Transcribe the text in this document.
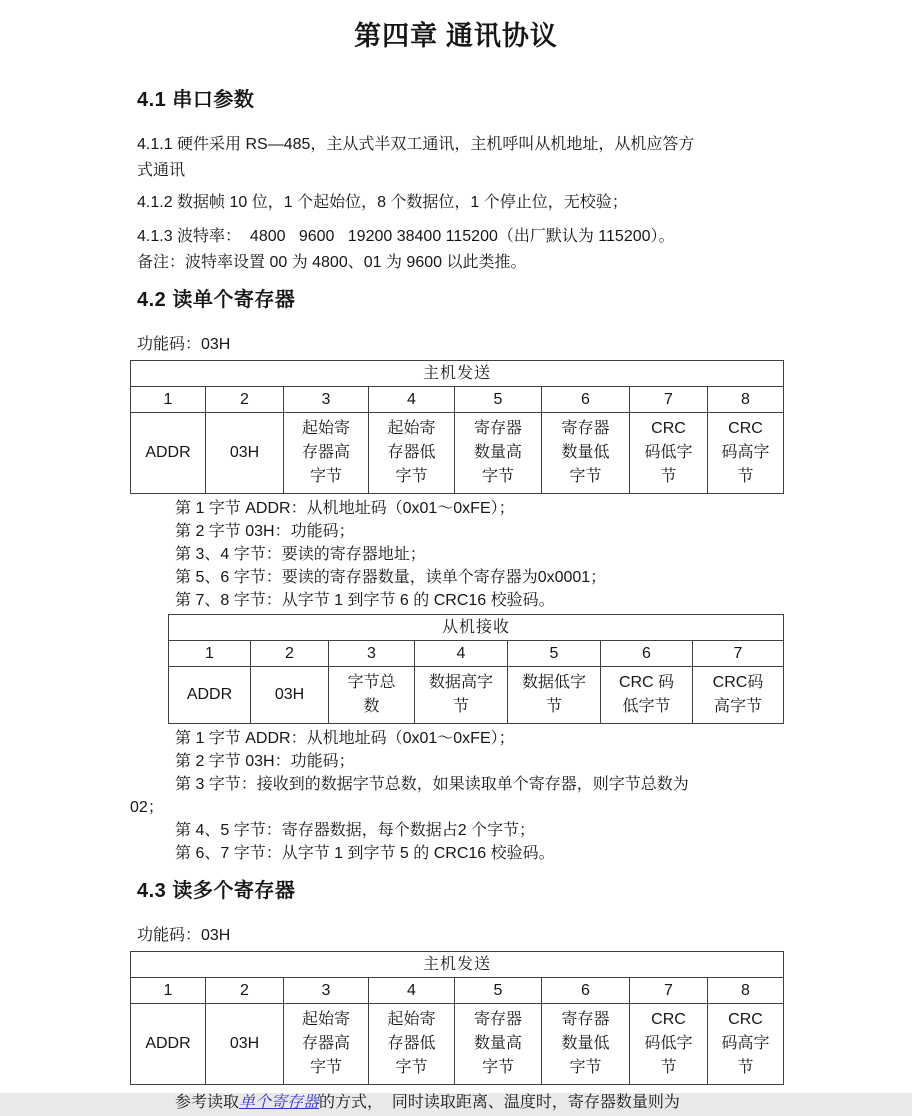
第四章 通讯协议
4.1 串口参数

4.1.1 硬件采用 RS—485，主从式半双工通讯，主机呼叫从机地址，从机应答方

式通讯

4.1.2 数据帧 10 位，1 个起始位，8 个数据位，1 个停止位，无校验；

4.1.3 波特率：  4800   9600   19200 38400 115200（出厂默认为 115200）。

备注：波特率设置 00 为 4800、01 为 9600 以此类推。

4.2 读单个寄存器

功能码：03H

主机发送							
1	2	3	4	5	6	7	8
ADDR	03H	起始寄存器高字节	起始寄存器低字节	寄存器数量高字节	寄存器数量低字节	CRC 码低字节	CRC 码高字节

第 1 字节 ADDR：从机地址码（0x01～0xFE）；

第 2 字节 03H：功能码；

第 3、4 字节：要读的寄存器地址；

第 5、6 字节：要读的寄存器数量，读单个寄存器为0x0001；

第 7、8 字节：从字节 1 到字节 6 的 CRC16 校验码。

从机接收						
1	2	3	4	5	6	7
ADDR	03H	字节总数	数据高字节	数据低字节	CRC 码低字节	CRC码高字节

第 1 字节 ADDR：从机地址码（0x01～0xFE）；

第 2 字节 03H：功能码；

第 3 字节：接收到的数据字节总数，如果读取单个寄存器，则字节总数为

02；

第 4、5 字节：寄存器数据，每个数据占2 个字节；

第 6、7 字节：从字节 1 到字节 5 的 CRC16 校验码。

4.3 读多个寄存器

功能码：03H

主机发送							
1	2	3	4	5	6	7	8
ADDR	03H	起始寄存器高字节	起始寄存器低字节	寄存器数量高字节	寄存器数量低字节	CRC 码低字节	CRC 码高字节

参考读取单个寄存器的方式，  同时读取距离、温度时，寄存器数量则为
